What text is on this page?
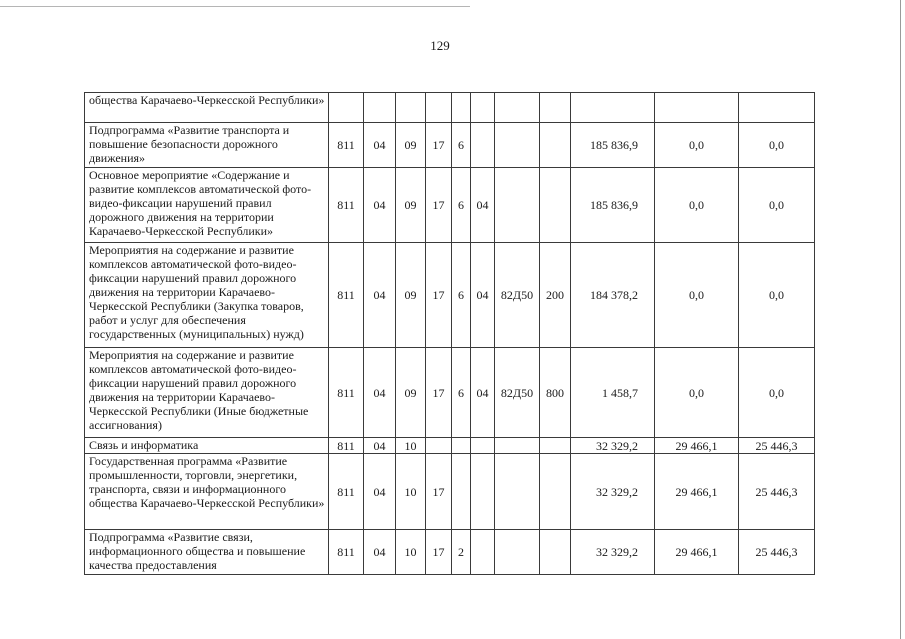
129
общества Карачаево-Черкесской Республики»											
Подпрограмма «Развитие транспорта и повышение безопасности дорожного движения»	811	04	09	17	6				185 836,9	0,0	0,0
Основное мероприятие «Содержание и развитие комплексов автоматической фото-видео-фиксации нарушений правил дорожного движения на территории Карачаево-Черкесской Республики»	811	04	09	17	6	04			185 836,9	0,0	0,0
Мероприятия на содержание и развитие комплексов автоматической фото-видео-фиксации нарушений правил дорожного движения на территории Карачаево-Черкесской Республики (Закупка товаров, работ и услуг для обеспечения государственных (муниципальных) нужд)	811	04	09	17	6	04	82Д50	200	184 378,2	0,0	0,0
Мероприятия на содержание и развитие комплексов автоматической фото-видео-фиксации нарушений правил дорожного движения на территории Карачаево-Черкесской Республики (Иные бюджетные ассигнования)	811	04	09	17	6	04	82Д50	800	1 458,7	0,0	0,0
Связь и информатика	811	04	10						32 329,2	29 466,1	25 446,3
Государственная программа «Развитие промышленности, торговли, энергетики, транспорта, связи и информационного общества Карачаево-Черкесской Республики»	811	04	10	17					32 329,2	29 466,1	25 446,3
Подпрограмма «Развитие связи, информационного общества и повышение качества предоставления	811	04	10	17	2				32 329,2	29 466,1	25 446,3
